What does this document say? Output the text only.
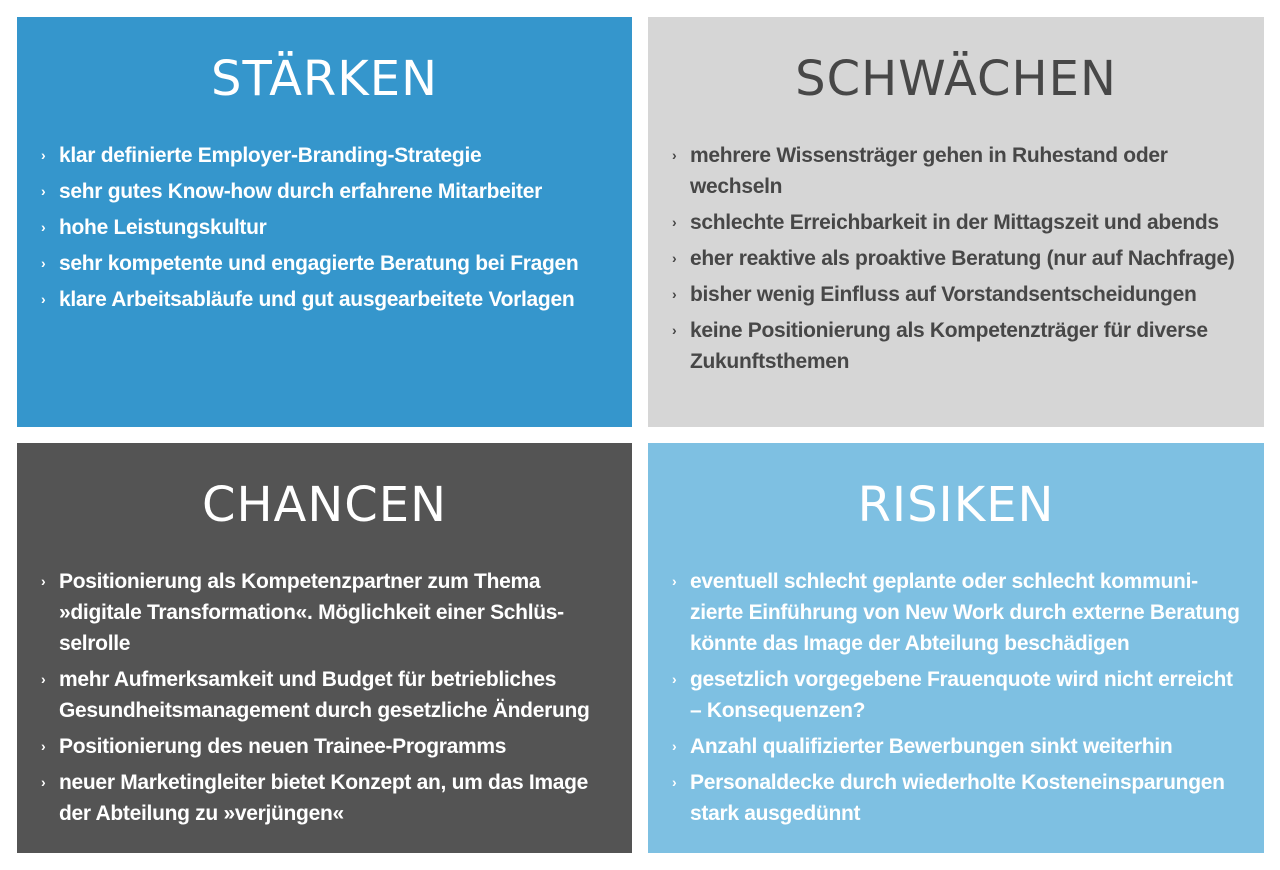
STÄRKEN
› klar definierte Employer-Branding-Strategie
› sehr gutes Know-how durch erfahrene Mitarbeiter
› hohe Leistungskultur
› sehr kompetente und engagierte Beratung bei Fragen
› klare Arbeitsabläufe und gut ausgearbeitete Vorlagen
SCHWÄCHEN
› mehrere Wissensträger gehen in Ruhestand oder wechseln
› schlechte Erreichbarkeit in der Mittagszeit und abends
› eher reaktive als proaktive Beratung (nur auf Nachfrage)
› bisher wenig Einfluss auf Vorstandsentscheidungen
› keine Positionierung als Kompetenzträger für diverse Zukunftsthemen
CHANCEN
› Positionierung als Kompetenzpartner zum Thema »digitale Transformation«. Möglichkeit einer Schlüsselrolle
› mehr Aufmerksamkeit und Budget für betriebliches Gesundheitsmanagement durch gesetzliche Änderung
› Positionierung des neuen Trainee-Programms
› neuer Marketingleiter bietet Konzept an, um das Image der Abteilung zu »verjüngen«
RISIKEN
› eventuell schlecht geplante oder schlecht kommunizierte Einführung von New Work durch externe Beratung könnte das Image der Abteilung beschädigen
› gesetzlich vorgegebene Frauenquote wird nicht erreicht – Konsequenzen?
› Anzahl qualifizierter Bewerbungen sinkt weiterhin
› Personaldecke durch wiederholte Kosteneinsparungen stark ausgedünnt
